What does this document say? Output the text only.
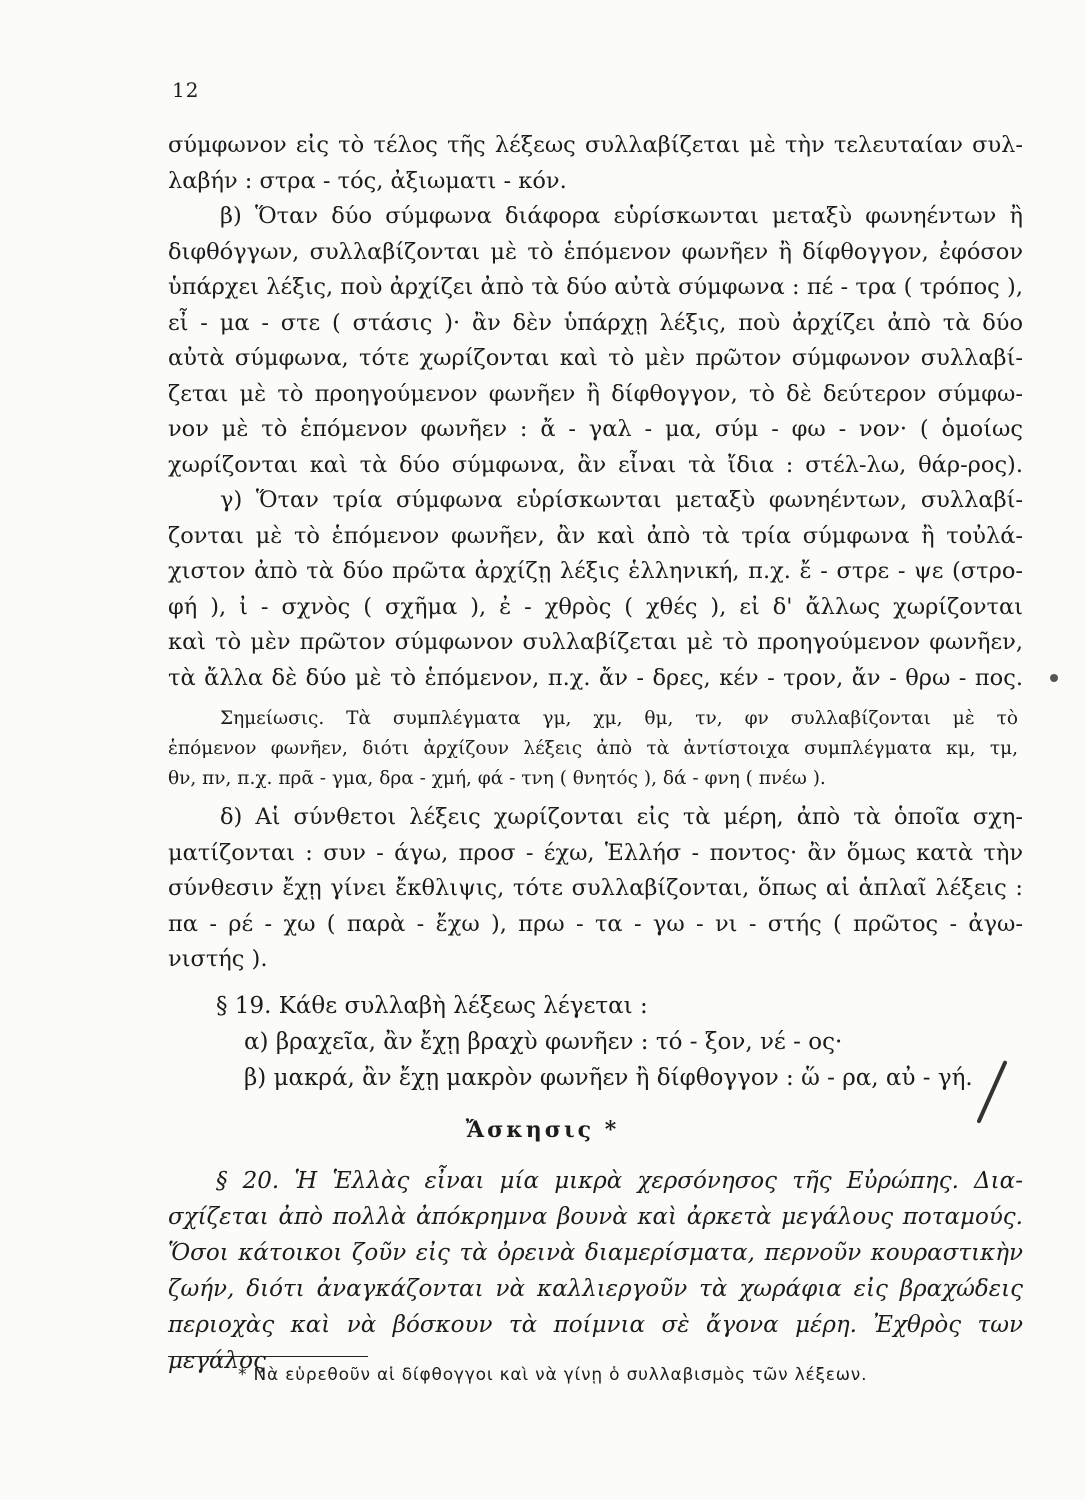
12
σύμφωνον εἰς τὸ τέλος τῆς λέξεως συλλαβίζεται μὲ τὴν τελευταίαν συλ-
λαβήν : στρα - τός, ἀξιωματι - κόν.
β) Ὅταν δύο σύμφωνα διάφορα εὑρίσκωνται μεταξὺ φωνηέντων ἢ
διφθόγγων, συλλαβίζονται μὲ τὸ ἑπόμενον φωνῆεν ἢ δίφθογγον, ἐφόσον
ὑπάρχει λέξις, ποὺ ἀρχίζει ἀπὸ τὰ δύο αὐτὰ σύμφωνα : πέ - τρα ( τρόπος ),
εἶ - μα - στε ( στάσις )· ἂν δὲν ὑπάρχῃ λέξις, ποὺ ἀρχίζει ἀπὸ τὰ δύο
αὐτὰ σύμφωνα, τότε χωρίζονται καὶ τὸ μὲν πρῶτον σύμφωνον συλλαβί-
ζεται μὲ τὸ προηγούμενον φωνῆεν ἢ δίφθογγον, τὸ δὲ δεύτερον σύμφω-
νον μὲ τὸ ἑπόμενον φωνῆεν : ἄ - γαλ - μα, σύμ - φω - νον· ( ὁμοίως
χωρίζονται καὶ τὰ δύο σύμφωνα, ἂν εἶναι τὰ ἴδια : στέλ-λω, θάρ-ρος).
γ) Ὅταν τρία σύμφωνα εὑρίσκωνται μεταξὺ φωνηέντων, συλλαβί-
ζονται μὲ τὸ ἑπόμενον φωνῆεν, ἂν καὶ ἀπὸ τὰ τρία σύμφωνα ἢ τοὐλά-
χιστον ἀπὸ τὰ δύο πρῶτα ἀρχίζῃ λέξις ἑλληνική, π.χ. ἔ - στρε - ψε (στρο-
φή ), ἰ - σχνὸς ( σχῆμα ), ἐ - χθρὸς ( χθές ), εἰ δ' ἄλλως χωρίζονται
καὶ τὸ μὲν πρῶτον σύμφωνον συλλαβίζεται μὲ τὸ προηγούμενον φωνῆεν,
τὰ ἄλλα δὲ δύο μὲ τὸ ἑπόμενον, π.χ. ἄν - δρες, κέν - τρον, ἄν - θρω - πος.
Σημείωσις. Τὰ συμπλέγματα γμ, χμ, θμ, τν, φν συλλαβίζονται μὲ τὸ
ἑπόμενον φωνῆεν, διότι ἀρχίζουν λέξεις ἀπὸ τὰ ἀντίστοιχα συμπλέγματα κμ, τμ,
θν, πν, π.χ. πρᾶ - γμα, δρα - χμή, φά - τνη ( θνητός ), δά - φνη ( πνέω ).
δ) Αἱ σύνθετοι λέξεις χωρίζονται εἰς τὰ μέρη, ἀπὸ τὰ ὁποῖα σχη-
ματίζονται : συν - άγω, προσ - έχω, Ἑλλήσ - ποντος· ἂν ὅμως κατὰ τὴν
σύνθεσιν ἔχῃ γίνει ἔκθλιψις, τότε συλλαβίζονται, ὅπως αἱ ἁπλαῖ λέξεις :
πα - ρέ - χω ( παρὰ - ἔχω ), πρω - τα - γω - νι - στής ( πρῶτος - ἀγω-
νιστής ).
§ 19. Κάθε συλλαβὴ λέξεως λέγεται :
α) βραχεῖα, ἂν ἔχῃ βραχὺ φωνῆεν : τό - ξον, νέ - ος·
β) μακρά, ἂν ἔχῃ μακρὸν φωνῆεν ἢ δίφθογγον : ὥ - ρα, αὐ - γή.
Ἄσκησις *
§ 20. Ἡ Ἑλλὰς εἶναι μία μικρὰ χερσόνησος τῆς Εὐρώπης. Δια-
σχίζεται ἀπὸ πολλὰ ἀπόκρημνα βουνὰ καὶ ἀρκετὰ μεγάλους ποταμούς.
Ὅσοι κάτοικοι ζοῦν εἰς τὰ ὀρεινὰ διαμερίσματα, περνοῦν κουραστικὴν
ζωήν, διότι ἀναγκάζονται νὰ καλλιεργοῦν τὰ χωράφια εἰς βραχώδεις
περιοχὰς καὶ νὰ βόσκουν τὰ ποίμνια σὲ ἄγονα μέρη. Ἐχθρὸς των μεγάλος
* Νὰ εὑρεθοῦν αἱ δίφθογγοι καὶ νὰ γίνῃ ὁ συλλαβισμὸς τῶν λέξεων.
